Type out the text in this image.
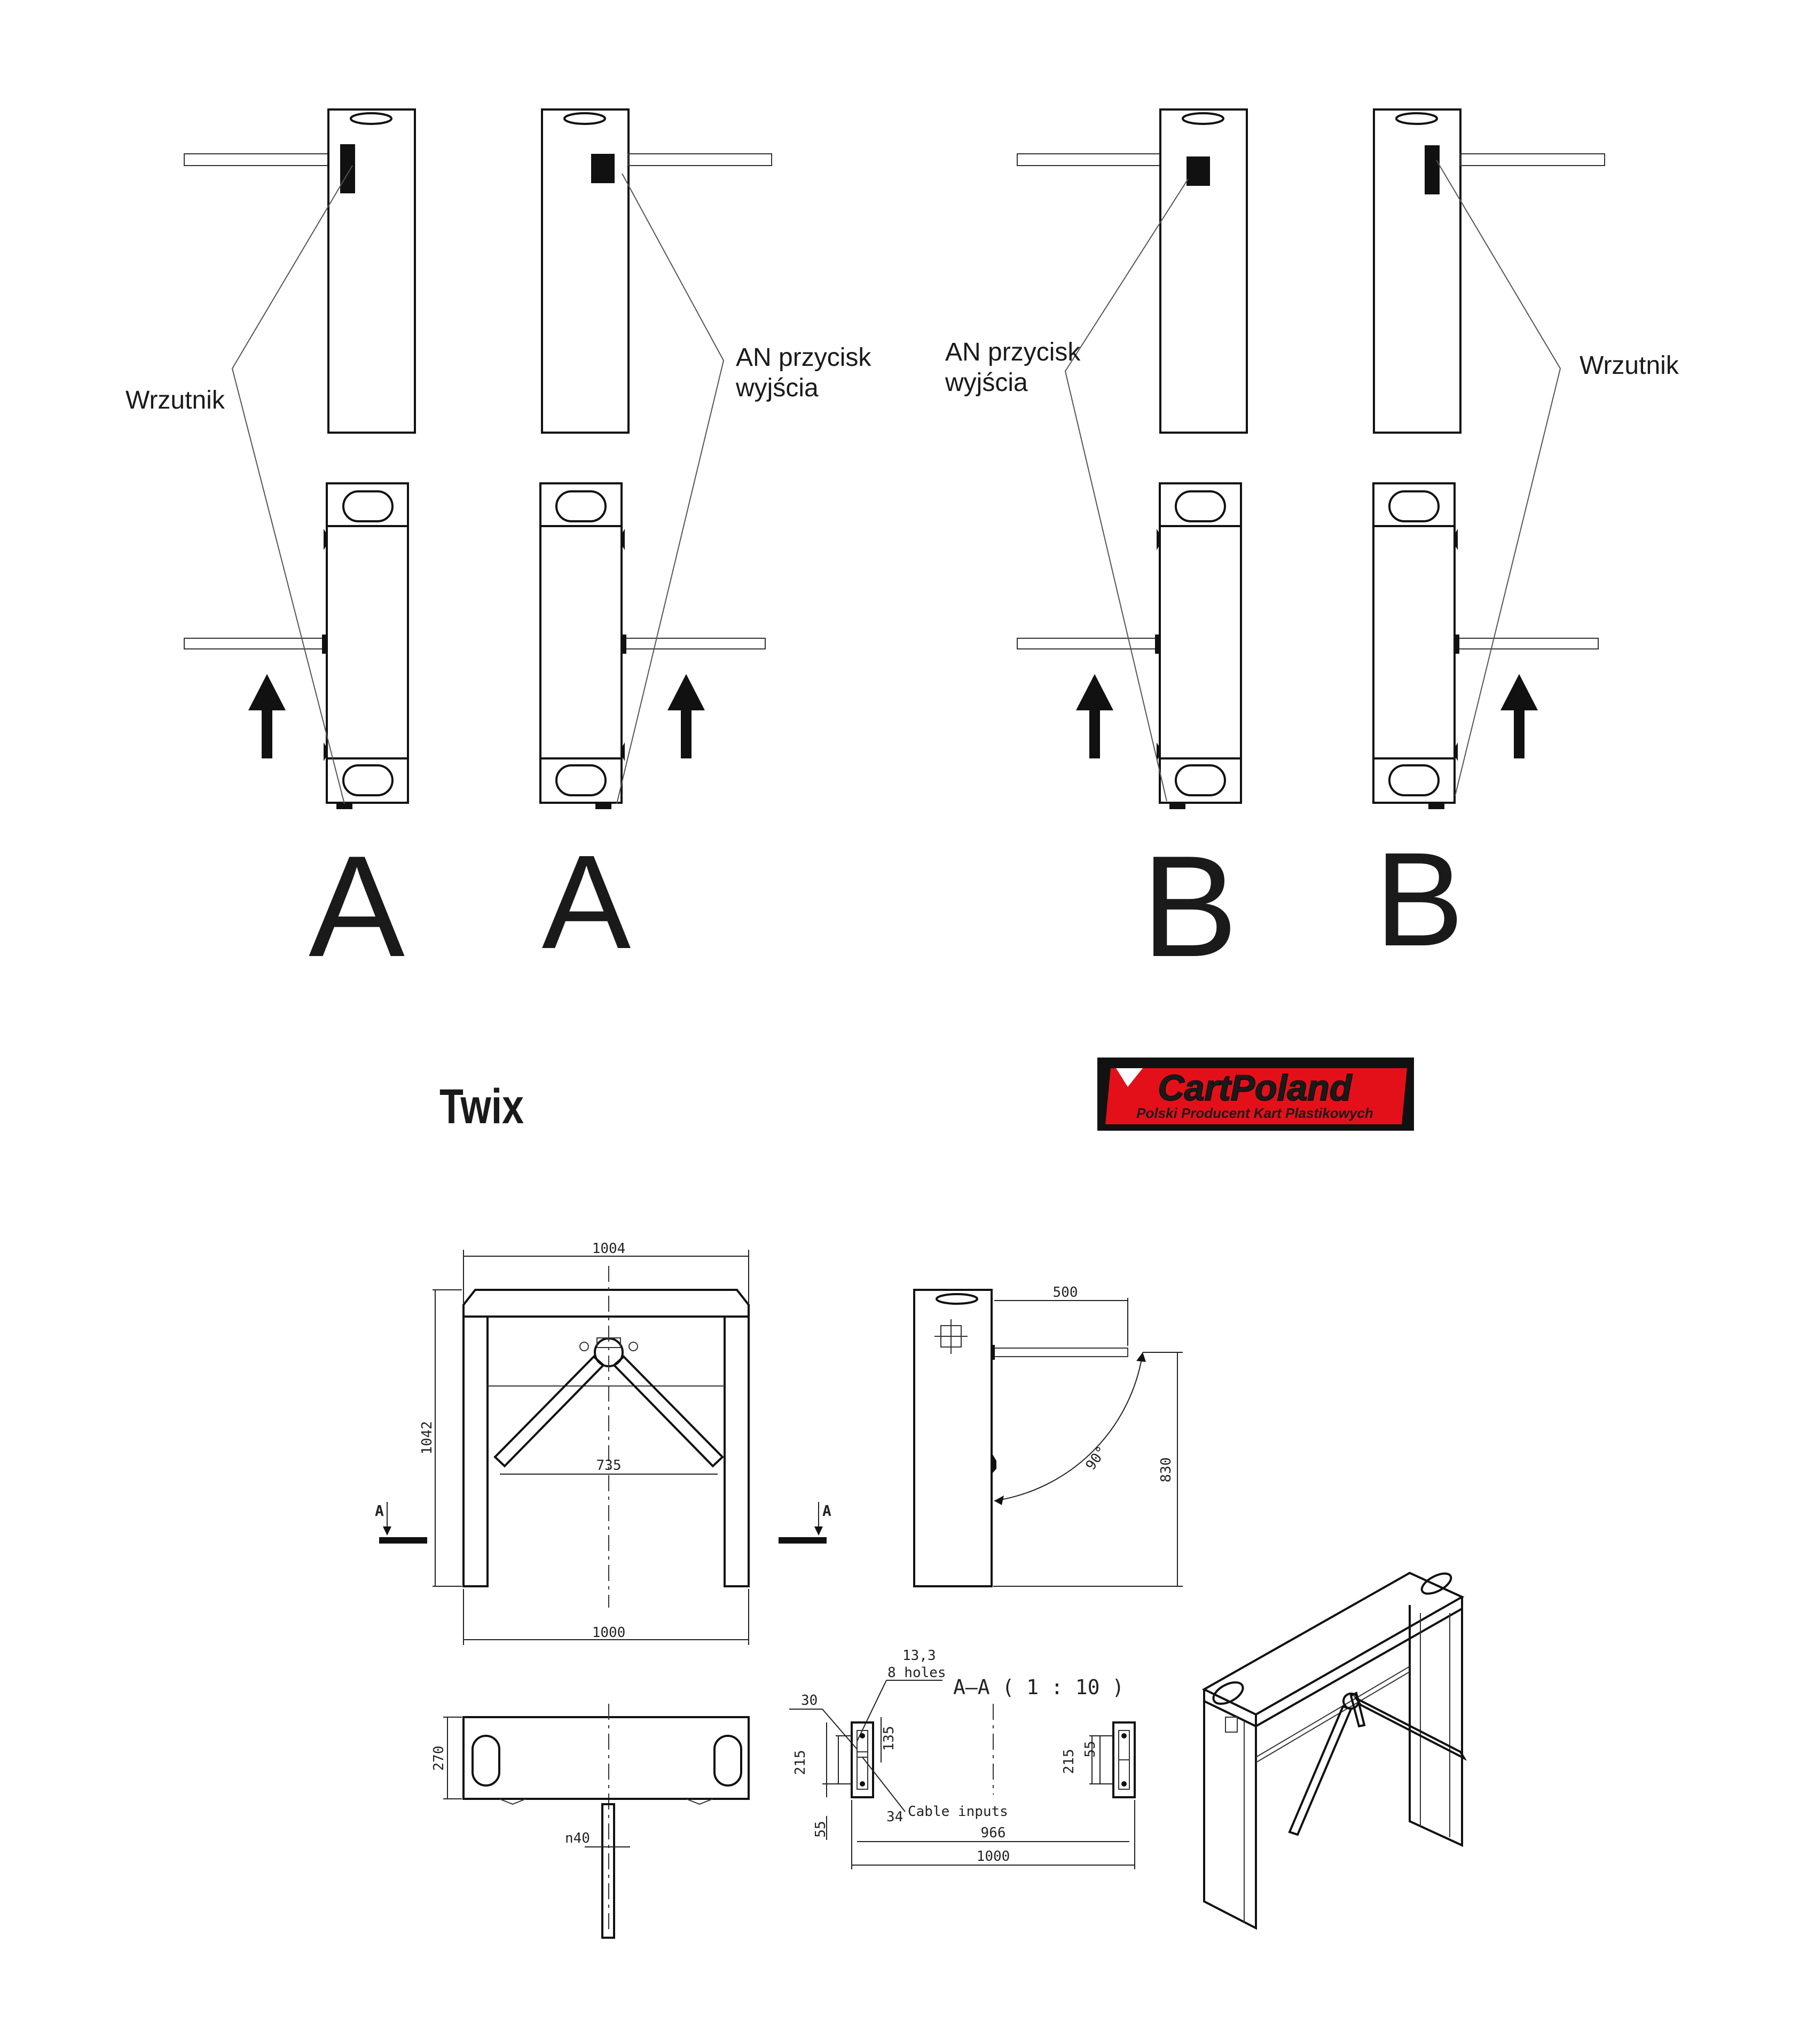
Wrzutnik
AN przycisk
wyjścia
A A
AN przycisk
wyjścia
Wrzutnik
B B
Twix	CartPoland
Polski Producent Kart Plastikowych
1004
1042
735
1000
A	A
500
90°	830
270
n40
A—A ( 1 : 10 )
13,3
8 holes
30
215
55
135
215 55
34 Cable inputs
966
1000
